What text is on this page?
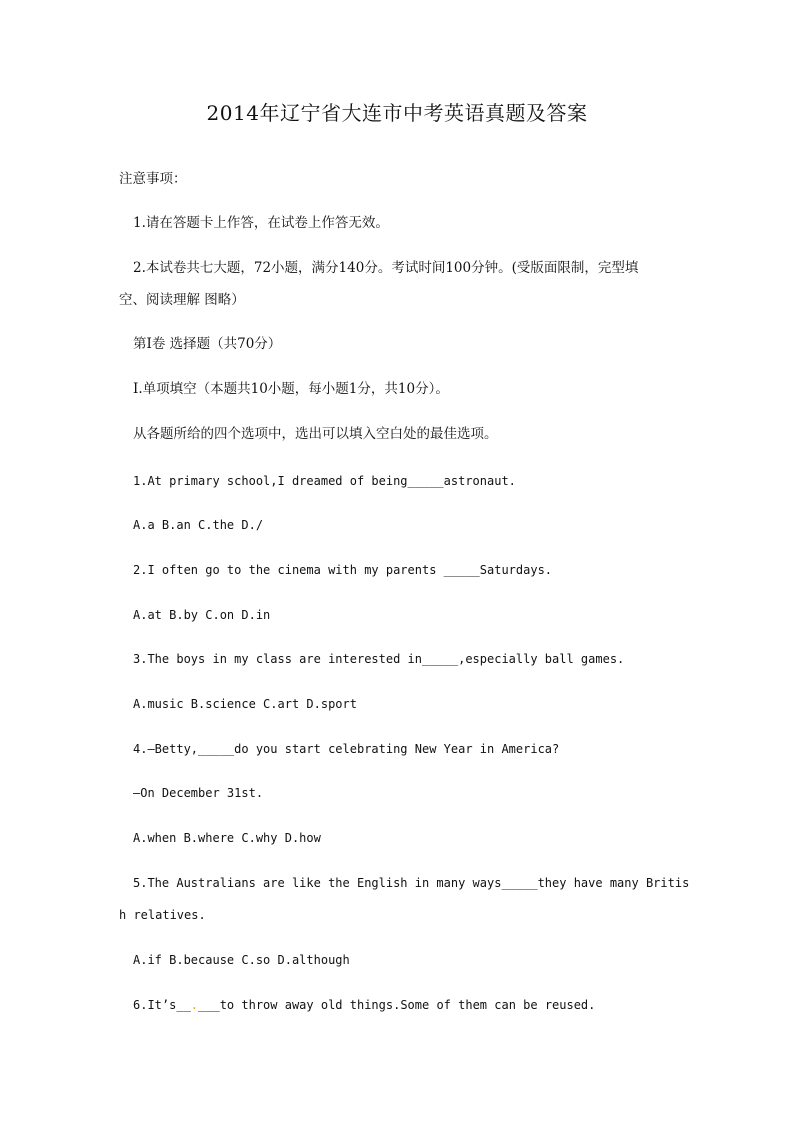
2014年辽宁省大连市中考英语真题及答案
注意事项：
1.请在答题卡上作答，在试卷上作答无效。
2.本试卷共七大题，72小题，满分140分。考试时间100分钟。(受版面限制，完型填
空、阅读理解 图略）
第Ⅰ卷 选择题（共70分）
Ⅰ.单项填空（本题共10小题，每小题1分，共10分）。
从各题所给的四个选项中，选出可以填入空白处的最佳选项。
1.At primary school,I dreamed of being_____astronaut.
A.a B.an C.the D./
2.I often go to the cinema with my parents _____Saturdays.
A.at B.by C.on D.in
3.The boys in my class are interested in_____,especially ball games.
A.music B.science C.art D.sport
4.—Betty,_____do you start celebrating New Year in America?
—On December 31st.
A.when B.where C.why D.how
5.The Australians are like the English in many ways_____they have many Britis
h relatives.
A.if B.because C.so D.although
6.It’s__.___to throw away old things.Some of them can be reused.
